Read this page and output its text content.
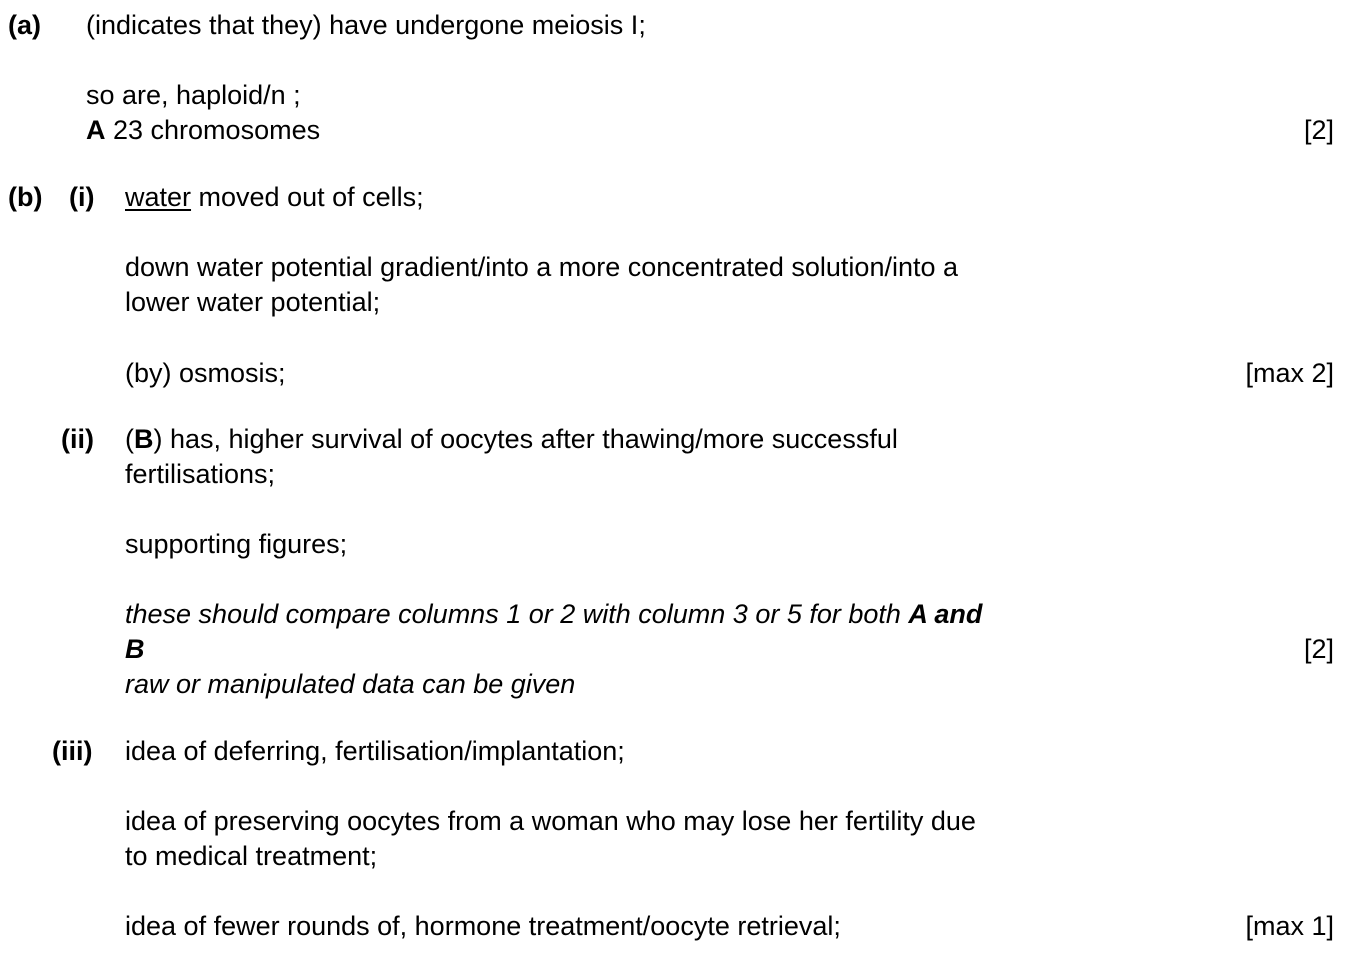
(a) (indicates that they) have undergone meiosis I;
so are, haploid/n ;
A 23 chromosomes	[2]
(b) (i) water moved out of cells;
down water potential gradient/into a more concentrated solution/into a
lower water potential;
(by) osmosis;	[max 2]
(ii) (B) has, higher survival of oocytes after thawing/more successful
fertilisations;
supporting figures;
these should compare columns 1 or 2 with column 3 or 5 for both A and
B	[2]
raw or manipulated data can be given
(iii) idea of deferring, fertilisation/implantation;
idea of preserving oocytes from a woman who may lose her fertility due
to medical treatment;
idea of fewer rounds of, hormone treatment/oocyte retrieval;	[max 1]
